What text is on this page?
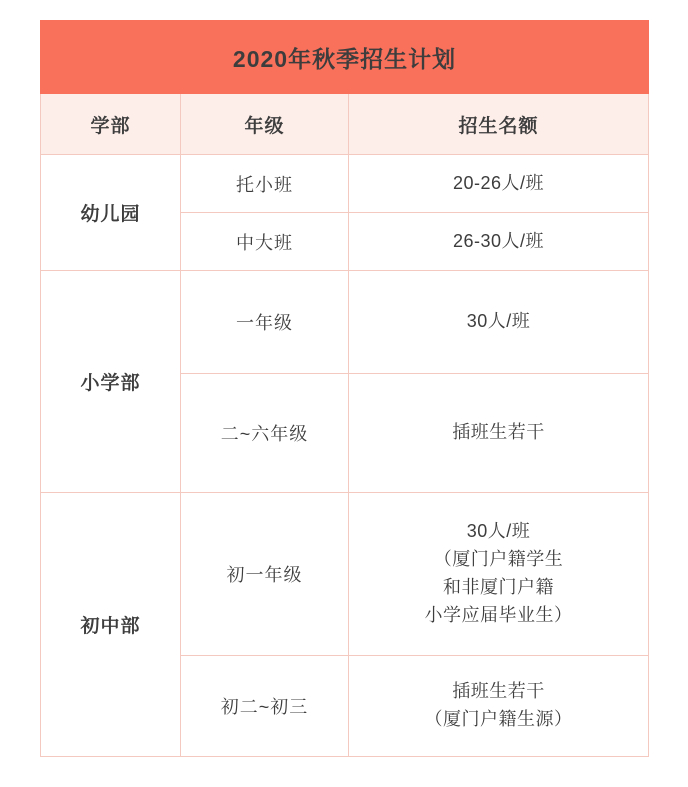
2020年秋季招生计划		
学部	年级	招生名额
幼儿园	托小班	20-26人/班

	中大班	26-30人/班

小学部	一年级	30人/班

	二~六年级	插班生若干

初中部	初一年级	30人/班
（厦门户籍学生
和非厦门户籍
小学应届毕业生）

	初二~初三	插班生若干
（厦门户籍生源）
